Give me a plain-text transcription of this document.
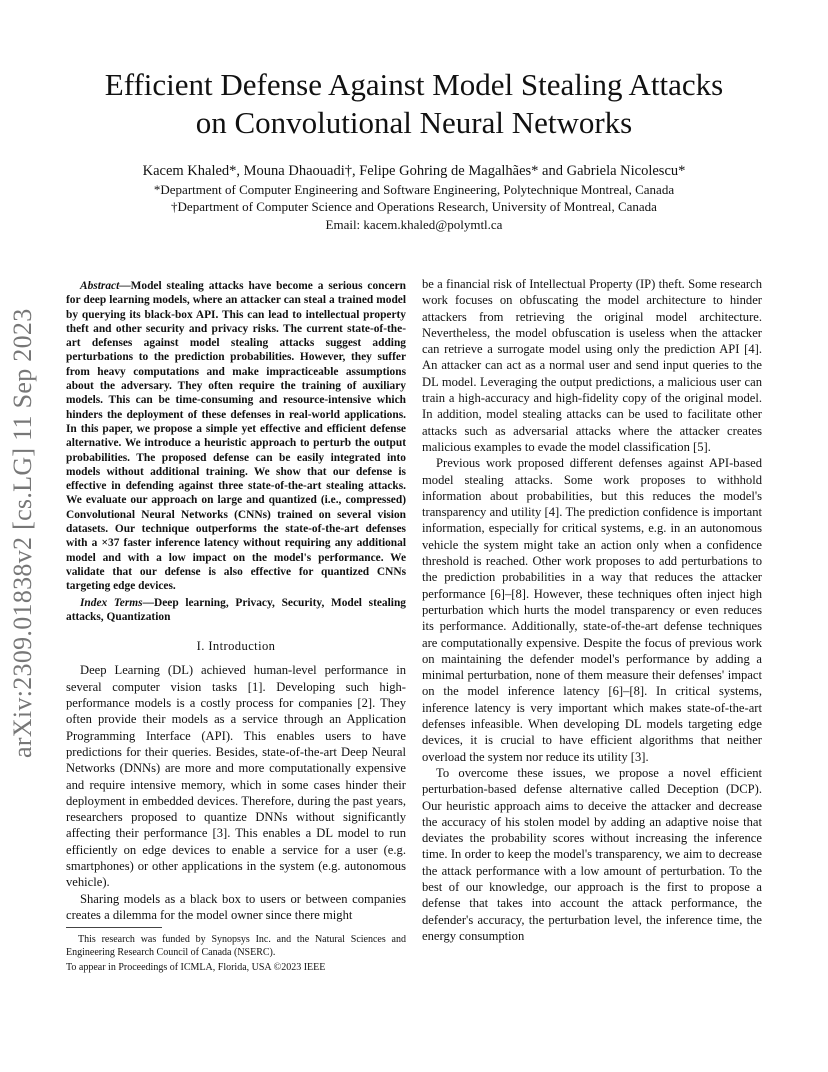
arXiv:2309.01838v2 [cs.LG] 11 Sep 2023
Efficient Defense Against Model Stealing Attacks
on Convolutional Neural Networks
Kacem Khaled*, Mouna Dhaouadi†, Felipe Gohring de Magalhães* and Gabriela Nicolescu*
*Department of Computer Engineering and Software Engineering, Polytechnique Montreal, Canada
†Department of Computer Science and Operations Research, University of Montreal, Canada
Email: kacem.khaled@polymtl.ca

Abstract—Model stealing attacks have become a serious concern for deep learning models, where an attacker can steal a trained model by querying its black-box API. This can lead to intellectual property theft and other security and privacy risks. The current state-of-the-art defenses against model stealing attacks suggest adding perturbations to the prediction probabilities. However, they suffer from heavy computations and make impracticeable assumptions about the adversary. They often require the training of auxiliary models. This can be time-consuming and resource-intensive which hinders the deployment of these defenses in real-world applications. In this paper, we propose a simple yet effective and efficient defense alternative. We introduce a heuristic approach to perturb the output probabilities. The proposed defense can be easily integrated into models without additional training. We show that our defense is effective in defending against three state-of-the-art stealing attacks. We evaluate our approach on large and quantized (i.e., compressed) Convolutional Neural Networks (CNNs) trained on several vision datasets. Our technique outperforms the state-of-the-art defenses with a ×37 faster inference latency without requiring any additional model and with a low impact on the model's performance. We validate that our defense is also effective for quantized CNNs targeting edge devices.

Index Terms—Deep learning, Privacy, Security, Model stealing attacks, Quantization

I. Introduction

Deep Learning (DL) achieved human-level performance in several computer vision tasks [1]. Developing such high-performance models is a costly process for companies [2]. They often provide their models as a service through an Application Programming Interface (API). This enables users to have predictions for their queries. Besides, state-of-the-art Deep Neural Networks (DNNs) are more and more computationally expensive and require intensive memory, which in some cases hinder their deployment in embedded devices. Therefore, during the past years, researchers proposed to quantize DNNs without significantly affecting their performance [3]. This enables a DL model to run efficiently on edge devices to enable a service for a user (e.g. smartphones) or other applications in the system (e.g. autonomous vehicle).

Sharing models as a black box to users or between companies creates a dilemma for the model owner since there might

This research was funded by Synopsys Inc. and the Natural Sciences and Engineering Research Council of Canada (NSERC).
To appear in Proceedings of ICMLA, Florida, USA ©2023 IEEE

be a financial risk of Intellectual Property (IP) theft. Some research work focuses on obfuscating the model architecture to hinder attackers from retrieving the original model architecture. Nevertheless, the model obfuscation is useless when the attacker can retrieve a surrogate model using only the prediction API [4]. An attacker can act as a normal user and send input queries to the DL model. Leveraging the output predictions, a malicious user can train a high-accuracy and high-fidelity copy of the original model. In addition, model stealing attacks can be used to facilitate other attacks such as adversarial attacks where the attacker creates malicious examples to evade the model classification [5].

Previous work proposed different defenses against API-based model stealing attacks. Some work proposes to withhold information about probabilities, but this reduces the model's transparency and utility [4]. The prediction confidence is important information, especially for critical systems, e.g. in an autonomous vehicle the system might take an action only when a confidence threshold is reached. Other work proposes to add perturbations to the prediction probabilities in a way that reduces the attacker performance [6]–[8]. However, these techniques often inject high perturbation which hurts the model transparency or even reduces its performance. Additionally, state-of-the-art defense techniques are computationally expensive. Despite the focus of previous work on maintaining the defender model's performance by adding a minimal perturbation, none of them measure their defenses' impact on the model inference latency [6]–[8]. In critical systems, inference latency is very important which makes state-of-the-art defenses infeasible. When developing DL models targeting edge devices, it is crucial to have efficient algorithms that neither overload the system nor reduce its utility [3].

To overcome these issues, we propose a novel efficient perturbation-based defense alternative called Deception (DCP). Our heuristic approach aims to deceive the attacker and decrease the accuracy of his stolen model by adding an adaptive noise that deviates the probability scores without increasing the inference time. In order to keep the model's transparency, we aim to decrease the attack performance with a low amount of perturbation. To the best of our knowledge, our approach is the first to propose a defense that takes into account the attack performance, the defender's accuracy, the perturbation level, the inference time, the energy consumption
